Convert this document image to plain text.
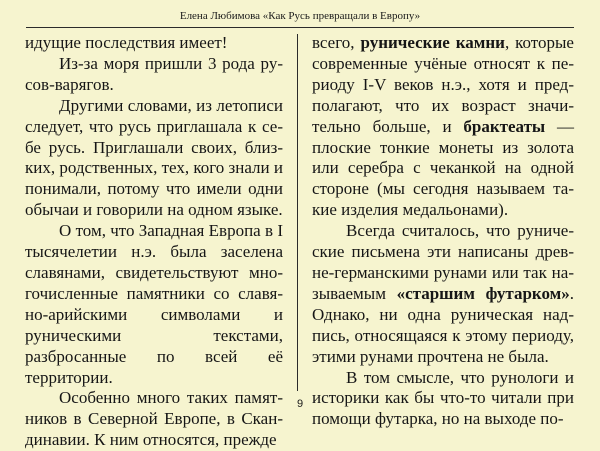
Елена Любимова «Как Русь превращали в Европу»

идущие последствия имеет!

Из-за моря пришли 3 рода русов-варягов.

Другими словами, из летописи следует, что русь приглашала к себе русь. Приглашали своих, близких, родственных, тех, кого знали и понимали, потому что имели одни обычаи и говорили на одном языке.

О том, что Западная Европа в I тысячелетии н.э. была заселена славянами, свидетельствуют многочисленные памятники со славяно-арийскими символами и руническими текстами, разбросанные по всей её территории.

Особенно много таких памятников в Северной Европе, в Скандинавии. К ним относятся, прежде

всего, рунические камни, которые современные учёные относят к периоду I-V веков н.э., хотя и предполагают, что их возраст значительно больше, и брактеаты — плоские тонкие монеты из золота или серебра с чеканкой на одной стороне (мы сегодня называем такие изделия медальонами).

Всегда считалось, что рунические письмена эти написаны древне-германскими рунами или так называемым «старшим футарком». Однако, ни одна руническая надпись, относящаяся к этому периоду, этими рунами прочтена не была.

В том смысле, что рунологи и историки как бы что-то читали при помощи футарка, но на выходе по-

9
